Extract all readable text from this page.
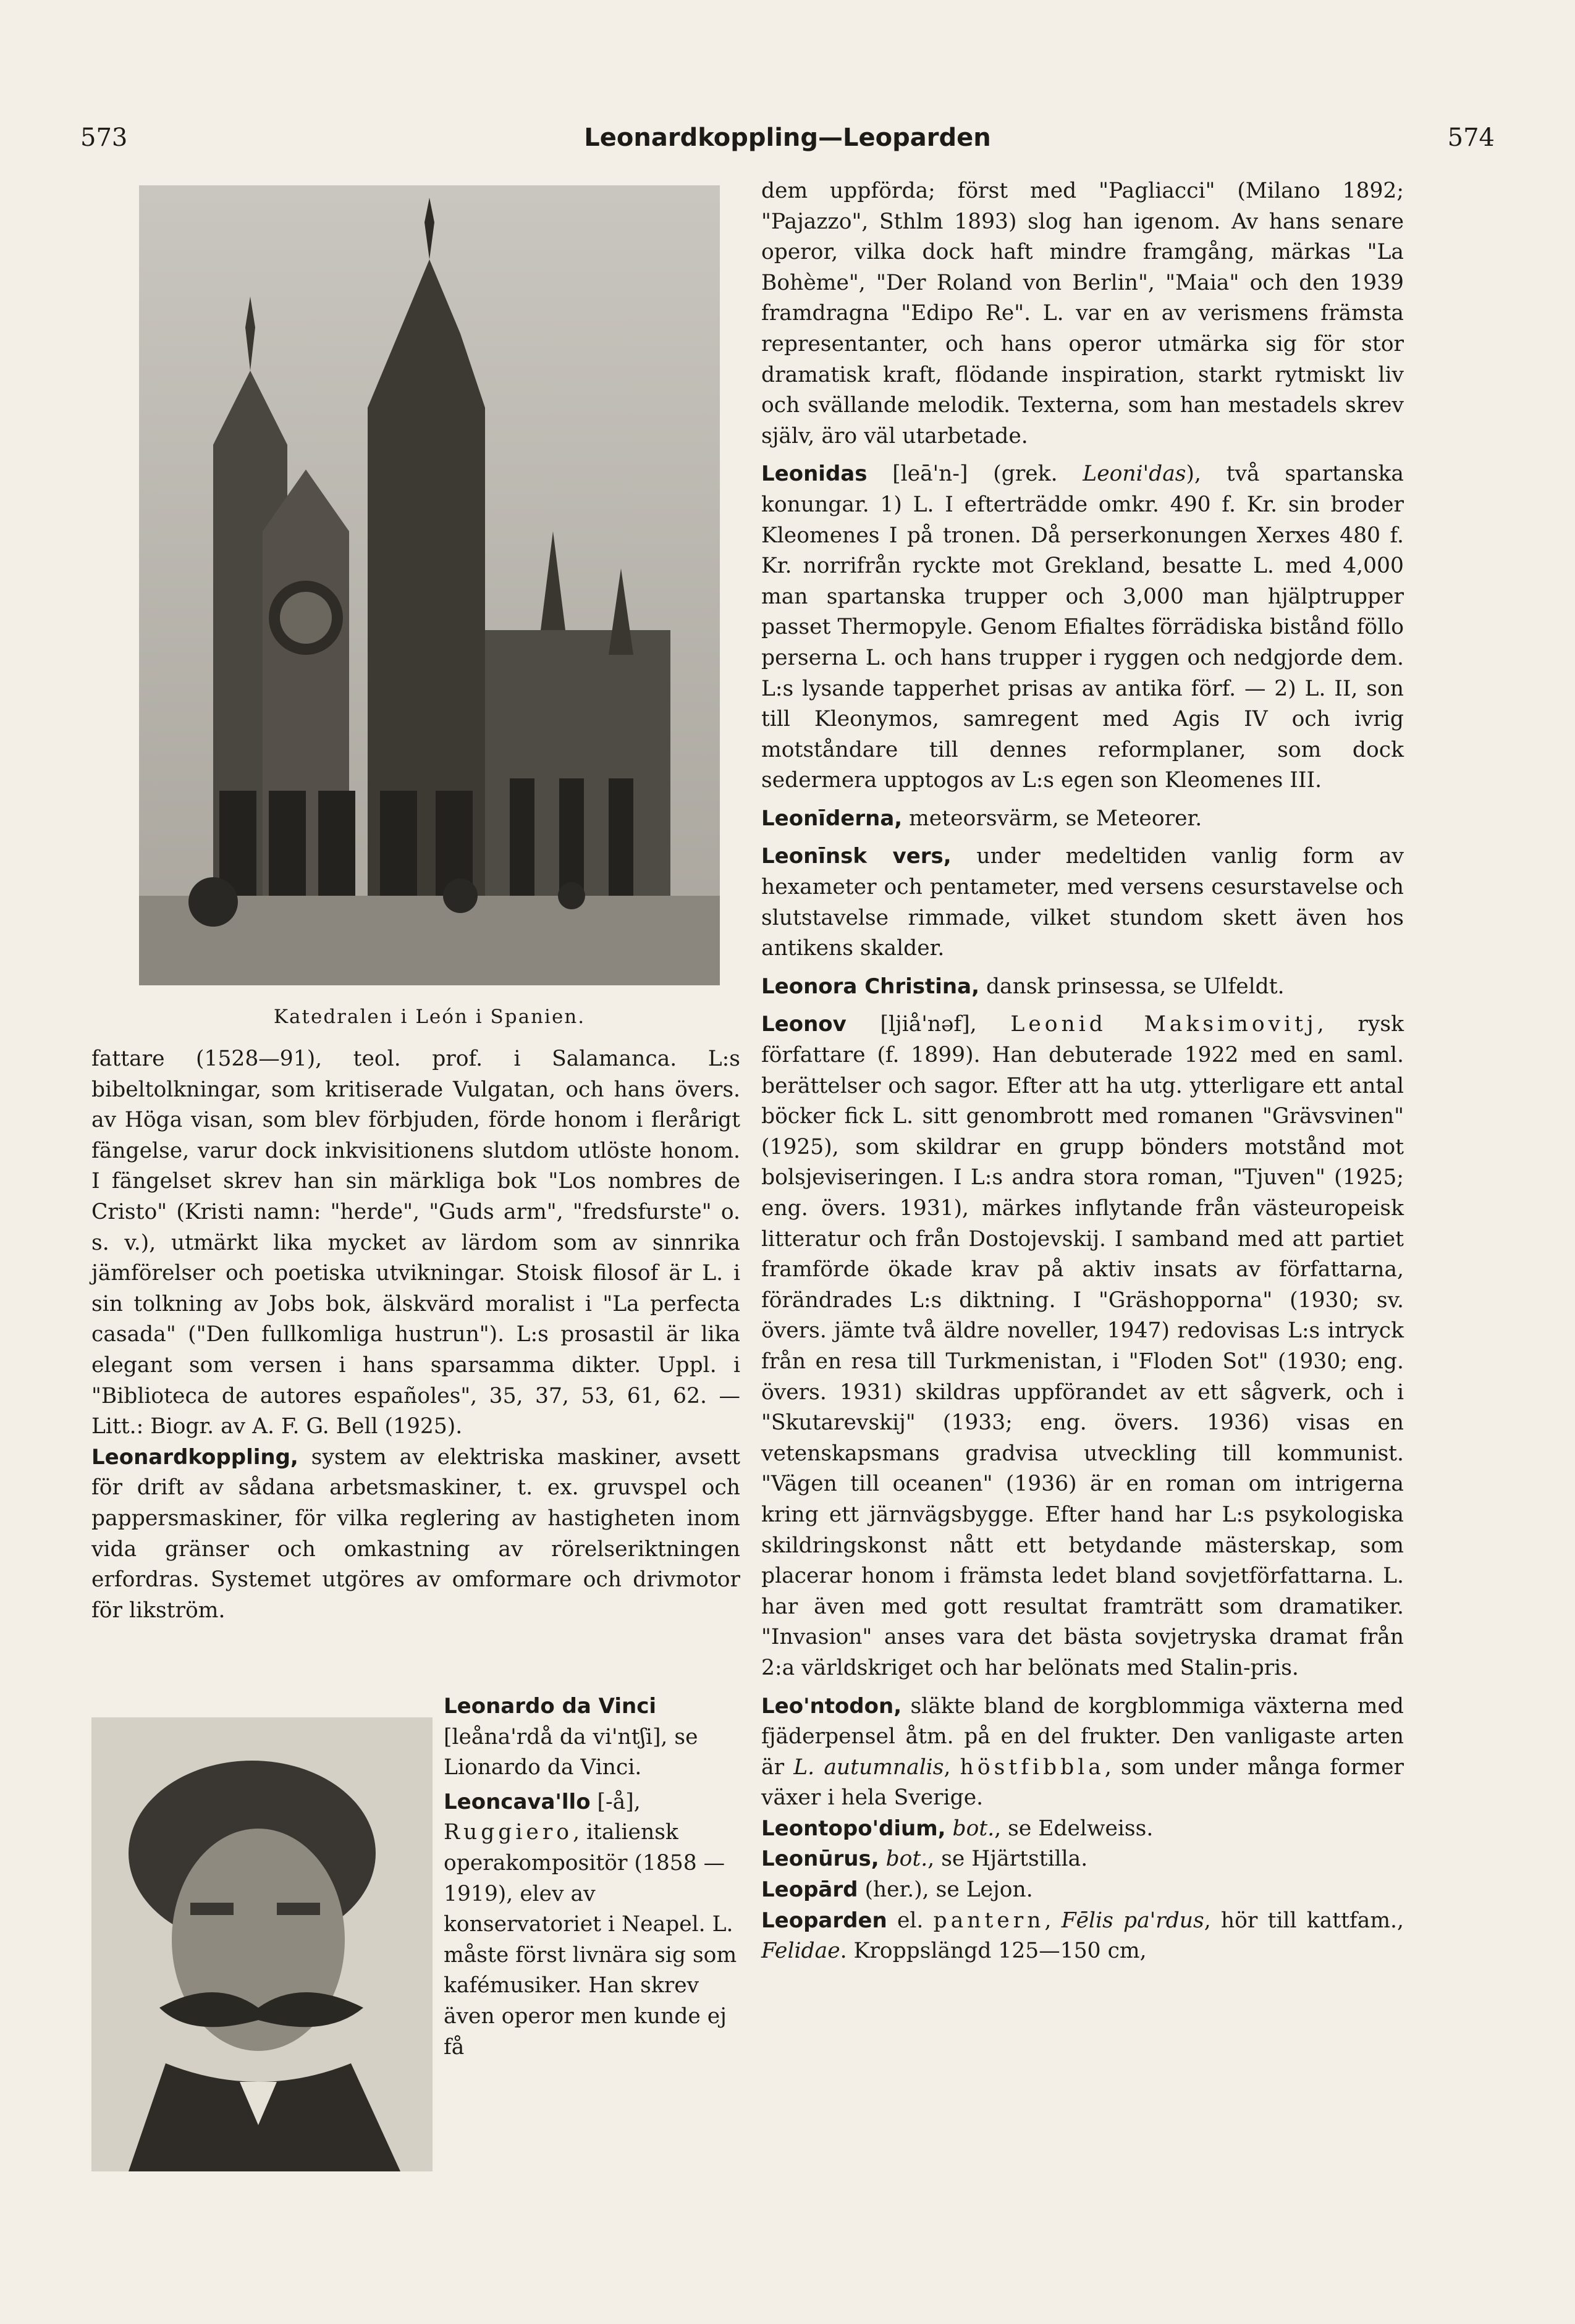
573	Leonardkoppling—Leoparden	574
Katedralen i León i Spanien.

fattare (1528—91), teol. prof. i Salamanca. L:s bibeltolkningar, som kritiserade Vulgatan, och hans övers. av Höga visan, som blev förbjuden, förde honom i flerårigt fängelse, varur dock inkvisitionens slutdom utlöste honom. I fängelset skrev han sin märkliga bok "Los nombres de Cristo" (Kristi namn: "herde", "Guds arm", "fredsfurste" o. s. v.), utmärkt lika mycket av lärdom som av sinnrika jämförelser och poetiska utvikningar. Stoisk filosof är L. i sin tolkning av Jobs bok, älskvärd moralist i "La perfecta casada" ("Den fullkomliga hustrun"). L:s prosastil är lika elegant som versen i hans sparsamma dikter. Uppl. i "Biblioteca de autores españoles", 35, 37, 53, 61, 62. — Litt.: Biogr. av A. F. G. Bell (1925).

Leonardkoppling, system av elektriska maskiner, avsett för drift av sådana arbetsmaskiner, t. ex. gruvspel och pappersmaskiner, för vilka reglering av hastigheten inom vida gränser och omkastning av rörelseriktningen erfordras. Systemet utgöres av omformare och drivmotor för likström.

Leonardo da Vinci [leåna'rdå da vi'ntʃi], se Lionardo da Vinci.

Leoncava'llo [-å], Ruggiero, italiensk operakompositör (1858 —1919), elev av konservatoriet i Neapel. L. måste först livnära sig som kafémusiker. Han skrev även operor men kunde ej få

dem uppförda; först med "Pagliacci" (Milano 1892; "Pajazzo", Sthlm 1893) slog han igenom. Av hans senare operor, vilka dock haft mindre framgång, märkas "La Bohème", "Der Roland von Berlin", "Maia" och den 1939 framdragna "Edipo Re". L. var en av verismens främsta representanter, och hans operor utmärka sig för stor dramatisk kraft, flödande inspiration, starkt rytmiskt liv och svällande melodik. Texterna, som han mestadels skrev själv, äro väl utarbetade.

Leonidas [leā'n-] (grek. Leoni'das), två spartanska konungar. 1) L. I efterträdde omkr. 490 f. Kr. sin broder Kleomenes I på tronen. Då perserkonungen Xerxes 480 f. Kr. norrifrån ryckte mot Grekland, besatte L. med 4,000 man spartanska trupper och 3,000 man hjälptrupper passet Thermopyle. Genom Efialtes förrädiska bistånd föllo perserna L. och hans trupper i ryggen och nedgjorde dem. L:s lysande tapperhet prisas av antika förf. — 2) L. II, son till Kleonymos, samregent med Agis IV och ivrig motståndare till dennes reformplaner, som dock sedermera upptogos av L:s egen son Kleomenes III.

Leonīderna, meteorsvärm, se Meteorer.

Leonīnsk vers, under medeltiden vanlig form av hexameter och pentameter, med versens cesurstavelse och slutstavelse rimmade, vilket stundom skett även hos antikens skalder.

Leonora Christina, dansk prinsessa, se Ulfeldt.

Leonov [ljiå'nəf], Leonid Maksimovitj, rysk författare (f. 1899). Han debuterade 1922 med en saml. berättelser och sagor. Efter att ha utg. ytterligare ett antal böcker fick L. sitt genombrott med romanen "Grävsvinen" (1925), som skildrar en grupp bönders motstånd mot bolsjeviseringen. I L:s andra stora roman, "Tjuven" (1925; eng. övers. 1931), märkes inflytande från västeuropeisk litteratur och från Dostojevskij. I samband med att partiet framförde ökade krav på aktiv insats av författarna, förändrades L:s diktning. I "Gräshopporna" (1930; sv. övers. jämte två äldre noveller, 1947) redovisas L:s intryck från en resa till Turkmenistan, i "Floden Sot" (1930; eng. övers. 1931) skildras uppförandet av ett sågverk, och i "Skutarevskij" (1933; eng. övers. 1936) visas en vetenskapsmans gradvisa utveckling till kommunist. "Vägen till oceanen" (1936) är en roman om intrigerna kring ett järnvägsbygge. Efter hand har L:s psykologiska skildringskonst nått ett betydande mästerskap, som placerar honom i främsta ledet bland sovjetförfattarna. L. har även med gott resultat framträtt som dramatiker. "Invasion" anses vara det bästa sovjetryska dramat från 2:a världskriget och har belönats med Stalin-pris.

Leo'ntodon, släkte bland de korgblommiga växterna med fjäderpensel åtm. på en del frukter. Den vanligaste arten är L. autumnalis, höstfibbla, som under många former växer i hela Sverige.

Leontopo'dium, bot., se Edelweiss.

Leonūrus, bot., se Hjärtstilla.

Leopārd (her.), se Lejon.

Leoparden el. pantern, Fēlis pa'rdus, hör till kattfam., Felidae. Kroppslängd 125—150 cm,
